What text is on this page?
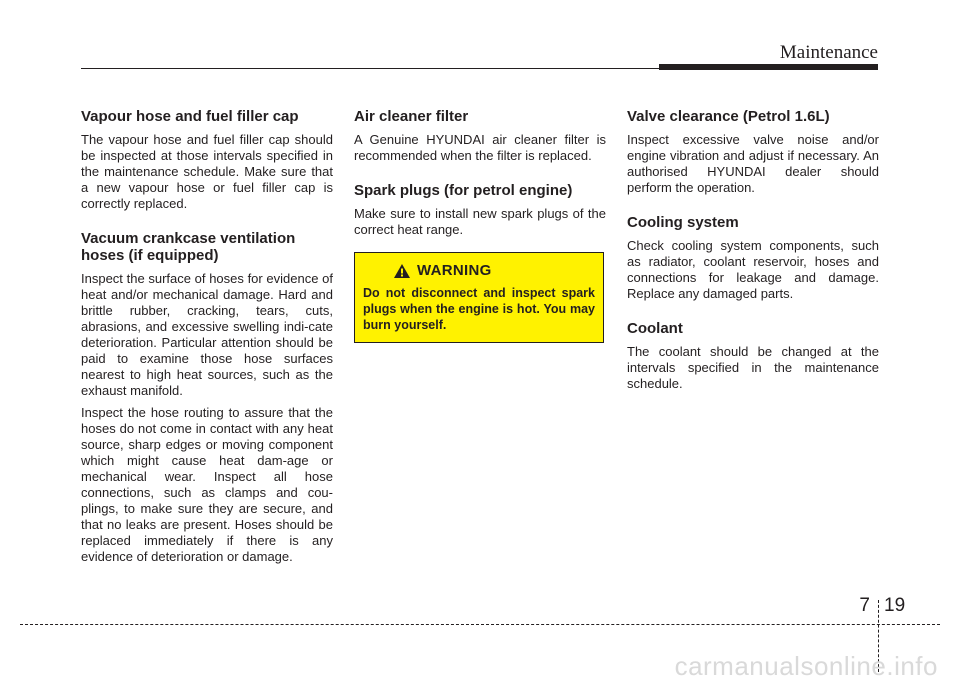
Maintenance
Vapour hose and fuel filler cap

The vapour hose and fuel filler cap should be inspected at those intervals specified in the maintenance schedule. Make sure that a new vapour hose or fuel filler cap is correctly replaced.

Vacuum crankcase ventilation hoses (if equipped)

Inspect the surface of hoses for evidence of heat and/or mechanical damage. Hard and brittle rubber, cracking, tears, cuts, abrasions, and excessive swelling indi-cate deterioration. Particular attention should be paid to examine those hose surfaces nearest to high heat sources, such as the exhaust manifold.

Inspect the hose routing to assure that the hoses do not come in contact with any heat source, sharp edges or moving component which might cause heat dam-age or mechanical wear. Inspect all hose connections, such as clamps and cou-plings, to make sure they are secure, and that no leaks are present. Hoses should be replaced immediately if there is any evidence of deterioration or damage.

Air cleaner filter

A Genuine HYUNDAI air cleaner filter is recommended when the filter is replaced.

Spark plugs (for petrol engine)

Make sure to install new spark plugs of the correct heat range.

WARNING

Do not disconnect and inspect spark plugs when the engine is hot. You may burn yourself.

Valve clearance (Petrol 1.6L)

Inspect excessive valve noise and/or engine vibration and adjust if necessary. An authorised HYUNDAI dealer should perform the operation.

Cooling system

Check cooling system components, such as radiator, coolant reservoir, hoses and connections for leakage and damage. Replace any damaged parts.

Coolant

The coolant should be changed at the intervals specified in the maintenance schedule.

7 19
carmanualsonline.info
